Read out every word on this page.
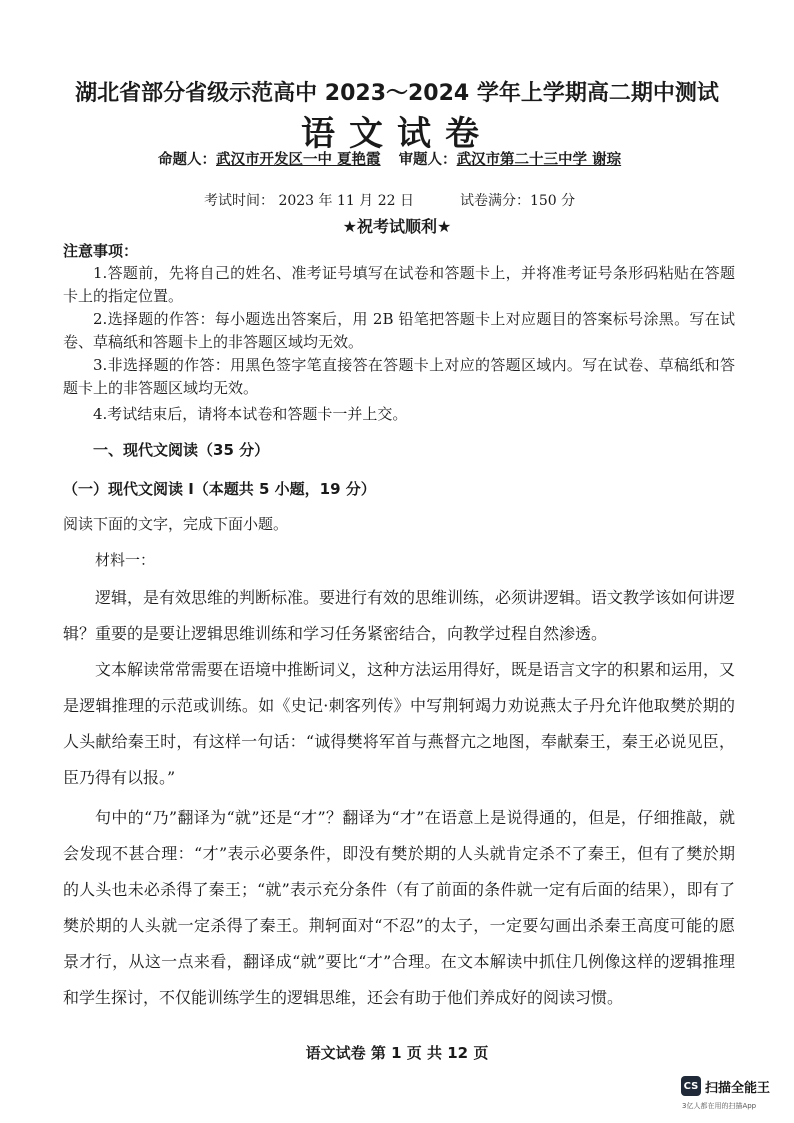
湖北省部分省级示范高中 2023～2024 学年上学期高二期中测试
语文试卷
命题人：武汉市开发区一中 夏艳霞 审题人：武汉市第二十三中学 谢琮
考试时间： 2023 年 11 月 22 日	试卷满分：150 分
★祝考试顺利★
注意事项：
1.答题前，先将自己的姓名、准考证号填写在试卷和答题卡上，并将准考证号条形码粘贴在答题卡上的指定位置。
2.选择题的作答：每小题选出答案后，用 2B 铅笔把答题卡上对应题目的答案标号涂黑。写在试卷、草稿纸和答题卡上的非答题区域均无效。
3.非选择题的作答：用黑色签字笔直接答在答题卡上对应的答题区域内。写在试卷、草稿纸和答题卡上的非答题区域均无效。
4.考试结束后，请将本试卷和答题卡一并上交。
一、现代文阅读（35 分）
（一）现代文阅读 I（本题共 5 小题，19 分）
阅读下面的文字，完成下面小题。
材料一：
逻辑，是有效思维的判断标准。要进行有效的思维训练，必须讲逻辑。语文教学该如何讲逻辑？重要的是要让逻辑思维训练和学习任务紧密结合，向教学过程自然渗透。
文本解读常常需要在语境中推断词义，这种方法运用得好，既是语言文字的积累和运用，又是逻辑推理的示范或训练。如《史记·刺客列传》中写荆轲竭力劝说燕太子丹允许他取樊於期的人头献给秦王时，有这样一句话：“诚得樊将军首与燕督亢之地图，奉献秦王，秦王必说见臣，臣乃得有以报。”
句中的“乃”翻译为“就”还是“才”？翻译为“才”在语意上是说得通的，但是，仔细推敲，就会发现不甚合理：“才”表示必要条件，即没有樊於期的人头就肯定杀不了秦王，但有了樊於期的人头也未必杀得了秦王；“就”表示充分条件（有了前面的条件就一定有后面的结果），即有了樊於期的人头就一定杀得了秦王。荆轲面对“不忍”的太子，一定要勾画出杀秦王高度可能的愿景才行，从这一点来看，翻译成“就”要比“才”合理。在文本解读中抓住几例像这样的逻辑推理和学生探讨，不仅能训练学生的逻辑思维，还会有助于他们养成好的阅读习惯。
语文试卷 第 1 页 共 12 页
CS 扫描全能王
3亿人都在用的扫描App
